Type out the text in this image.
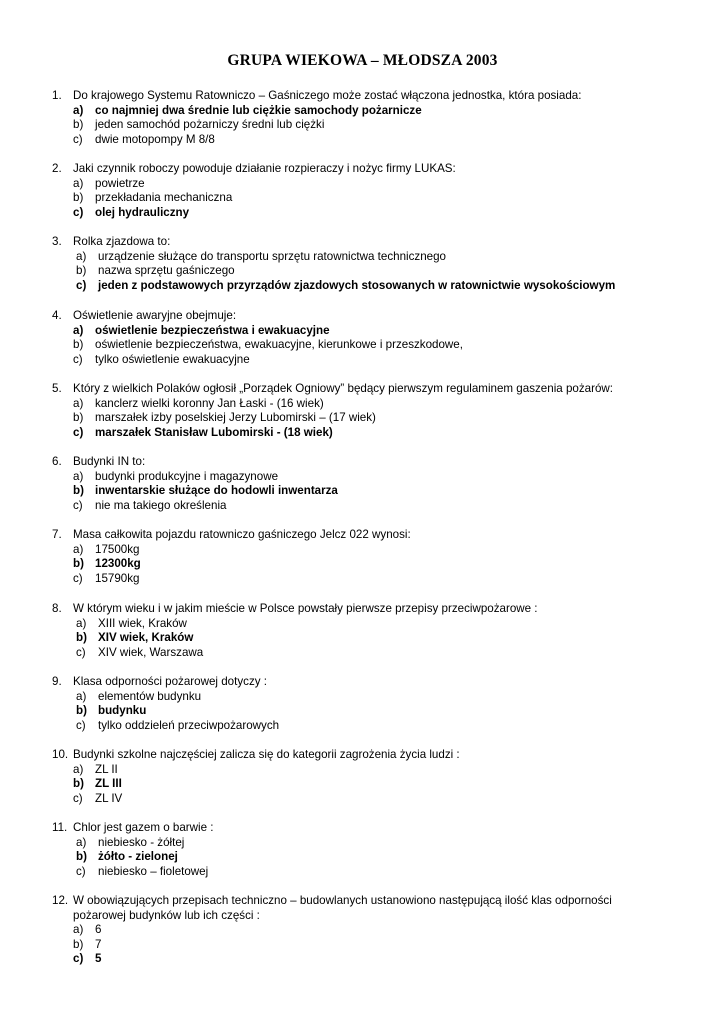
GRUPA WIEKOWA – MŁODSZA 2003
1. Do krajowego Systemu Ratowniczo – Gaśniczego może zostać włączona jednostka, która posiada:
a)	co najmniej dwa średnie lub ciężkie samochody pożarnicze
b)	jeden samochód pożarniczy średni lub ciężki
c)	dwie motopompy M 8/8
2. Jaki czynnik roboczy powoduje działanie rozpieraczy i nożyc firmy LUKAS:
a)	powietrze
b)	przekładania mechaniczna
c)	olej hydrauliczny
3. Rolka zjazdowa to:
a)	urządzenie służące do transportu sprzętu ratownictwa technicznego
b)	nazwa sprzętu gaśniczego
c)	jeden z podstawowych przyrządów zjazdowych stosowanych w ratownictwie wysokościowym
4. Oświetlenie awaryjne obejmuje:
a)	oświetlenie bezpieczeństwa i ewakuacyjne
b)	oświetlenie bezpieczeństwa, ewakuacyjne, kierunkowe i przeszkodowe,
c)	tylko oświetlenie ewakuacyjne
5. Który z wielkich Polaków ogłosił „Porządek Ogniowy” będący pierwszym regulaminem gaszenia pożarów:
a)	kanclerz wielki koronny Jan Łaski - (16 wiek)
b)	marszałek izby poselskiej Jerzy Lubomirski – (17 wiek)
c)	marszałek Stanisław Lubomirski - (18 wiek)
6. Budynki IN to:
a)	budynki produkcyjne i magazynowe
b) inwentarskie służące do hodowli inwentarza
c)	nie ma takiego określenia
7. Masa całkowita pojazdu ratowniczo gaśniczego Jelcz 022 wynosi:
a)	17500kg
b) 12300kg
c)	15790kg
8. W którym wieku i w jakim mieście w Polsce powstały pierwsze przepisy przeciwpożarowe :
a)	XIII wiek, Kraków
b) XIV wiek, Kraków
c)	XIV wiek, Warszawa
9. Klasa odporności pożarowej dotyczy :
a)	elementów budynku
b) budynku
c)	tylko oddzieleń przeciwpożarowych
10. Budynki szkolne najczęściej zalicza się do kategorii zagrożenia życia ludzi :
a)	ZL II
b) ZL III
c)	ZL IV
11. Chlor jest gazem o barwie :
a)	niebiesko - żółtej
b) żółto - zielonej
c)	niebiesko – fioletowej
12. W obowiązujących przepisach techniczno – budowlanych ustanowiono następującą ilość klas odporności
pożarowej budynków lub ich części :
a)	6
b)	7
c)	5
